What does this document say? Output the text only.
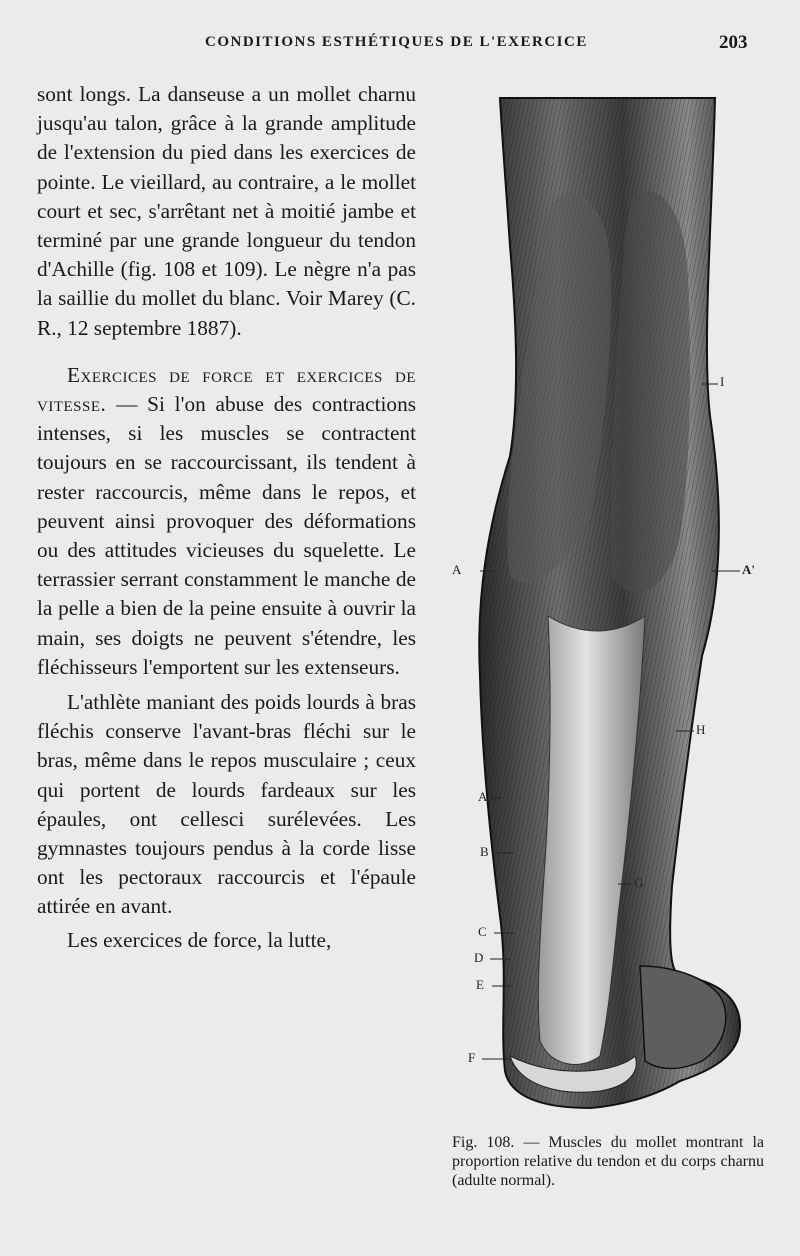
CONDITIONS ESTHÉTIQUES DE L'EXERCICE	203

sont longs. La danseuse a un mollet charnu jusqu'au talon, grâce à la grande amplitude de l'extension du pied dans les exercices de pointe. Le vieillard, au contraire, a le mollet court et sec, s'arrêtant net à moitié jambe et terminé par une grande longueur du tendon d'Achille (fig. 108 et 109). Le nègre n'a pas la saillie du mollet du blanc. Voir Marey (C. R., 12 septembre 1887).

Exercices de force et exercices de vitesse. — Si l'on abuse des contractions intenses, si les muscles se contractent toujours en se raccourcissant, ils tendent à rester raccourcis, même dans le repos, et peuvent ainsi provoquer des déformations ou des attitudes vicieuses du squelette. Le terrassier serrant constamment le manche de la pelle a bien de la peine ensuite à ouvrir la main, ses doigts ne peuvent s'étendre, les fléchisseurs l'emportent sur les extenseurs.

L'athlète maniant des poids lourds à bras fléchis conserve l'avant-bras fléchi sur le bras, même dans le repos musculaire ; ceux qui portent de lourds fardeaux sur les épaules, ont cellesci surélevées. Les gymnastes toujours pendus à la corde lisse ont les pectoraux raccourcis et l'épaule attirée en avant.

Les exercices de force, la lutte,

I
A	A'
H
A
B
G
C
D
E
F
Fig. 108. — Muscles du mollet montrant la proportion relative du tendon et du corps charnu (adulte normal).
